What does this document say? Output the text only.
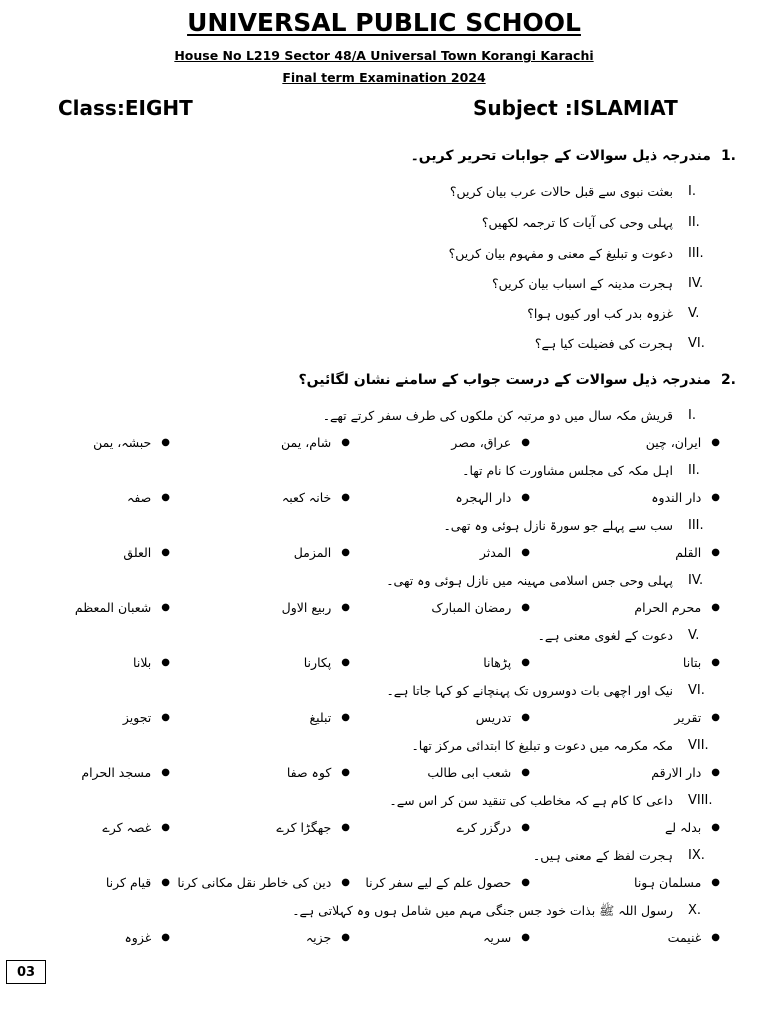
UNIVERSAL PUBLIC SCHOOL
House No L219 Sector 48/A Universal Town Korangi Karachi
Final term Examination 2024
Class:EIGHT	Subject :ISLAMIAT
1.مندرجہ ذیل سوالات کے جوابات تحریر کریں۔
I.
بعثت نبوی سے قبل حالات عرب بیان کریں؟
II.
پہلی وحی کی آیات کا ترجمہ لکھیں؟
III.
دعوت و تبلیغ کے معنی و مفہوم بیان کریں؟
IV.
ہجرت مدینہ کے اسباب بیان کریں؟
V.
غزوہ بدر کب اور کیوں ہوا؟
VI.
ہجرت کی فضیلت کیا ہے؟
2.مندرجہ ذیل سوالات کے درست جواب کے سامنے نشان لگائیں؟
I.
قریش مکہ سال میں دو مرتبہ کن ملکوں کی طرف سفر کرتے تھے۔
●
ایران، چین
●
عراق، مصر
●
شام، یمن
●
حبشہ، یمن
II.
اہل مکہ کی مجلس مشاورت کا نام تھا۔
●
دار الندوہ
●
دار الہجرہ
●
خانہ کعبہ
●
صفہ
III.
سب سے پہلے جو سورۃ نازل ہوئی وہ تھی۔
●
القلم
●
المدثر
●
المزمل
●
العلق
IV.
پہلی وحی جس اسلامی مہینہ میں نازل ہوئی وہ تھی۔
●
محرم الحرام
●
رمضان المبارک
●
ربیع الاول
●
شعبان المعظم
V.
دعوت کے لغوی معنی ہے۔
●
بتانا
●
پڑھانا
●
پکارنا
●
بلانا
VI.
نیک اور اچھی بات دوسروں تک پہنچانے کو کہا جاتا ہے۔
●
تقریر
●
تدریس
●
تبلیغ
●
تجویز
VII.
مکہ مکرمہ میں دعوت و تبلیغ کا ابتدائی مرکز تھا۔
●
دار الارقم
●
شعب ابی طالب
●
کوہ صفا
●
مسجد الحرام
VIII.
داعی کا کام ہے کہ مخاطب کی تنقید سن کر اس سے۔
●
بدلہ لے
●
درگزر کرے
●
جھگڑا کرے
●
غصہ کرے
IX.
ہجرت لفظ کے معنی ہیں۔
●
مسلمان ہونا
●
حصول علم کے لیے سفر کرنا
●
دین کی خاطر نقل مکانی کرنا
●
قیام کرنا
X.
رسول اللہ ﷺ بذات خود جس جنگی مہم میں شامل ہوں وہ کہلاتی ہے۔
●
غنیمت
●
سریہ
●
جزیہ
●
غزوہ
03
